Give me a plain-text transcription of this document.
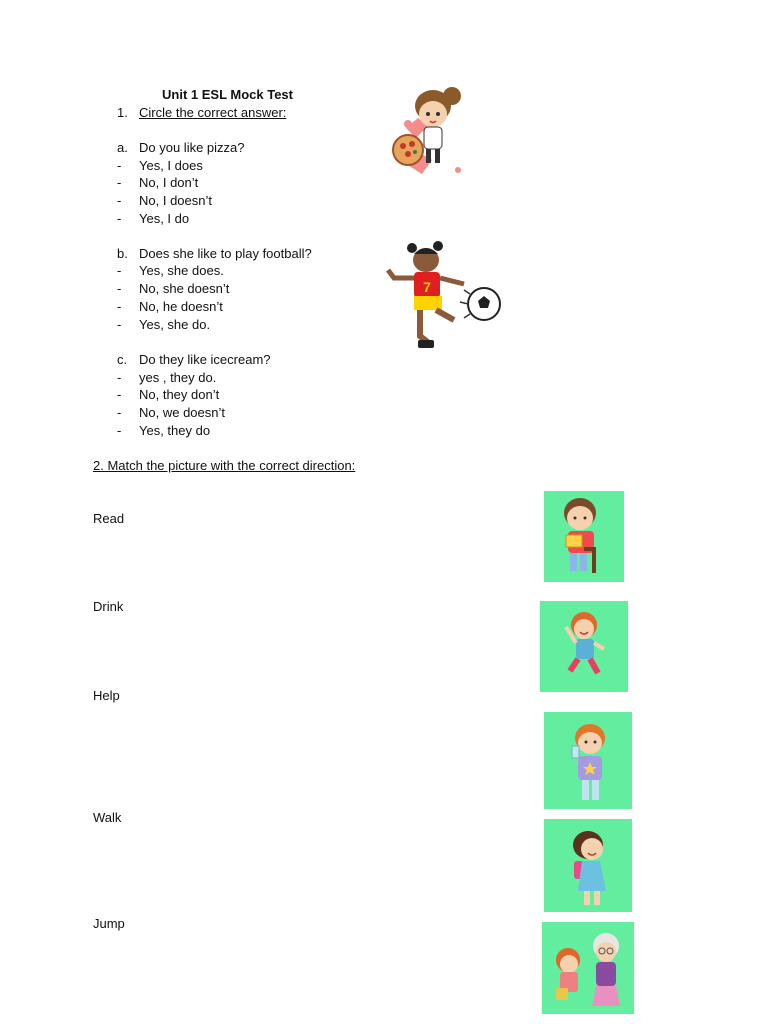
Unit 1 ESL Mock Test
1. Circle the correct answer:
a. Do you like pizza?
- Yes, I does
- No, I don’t
- No, I doesn’t
- Yes, I do
b. Does she like to play football?
- Yes, she does.
- No, she doesn’t
- No, he doesn’t
- Yes, she do.
c. Do they like icecream?
- yes , they do.
- No, they don’t
- No, we doesn’t
- Yes, they do
2. Match the picture with the correct direction:
Read
Drink
Help
Walk
Jump
7
